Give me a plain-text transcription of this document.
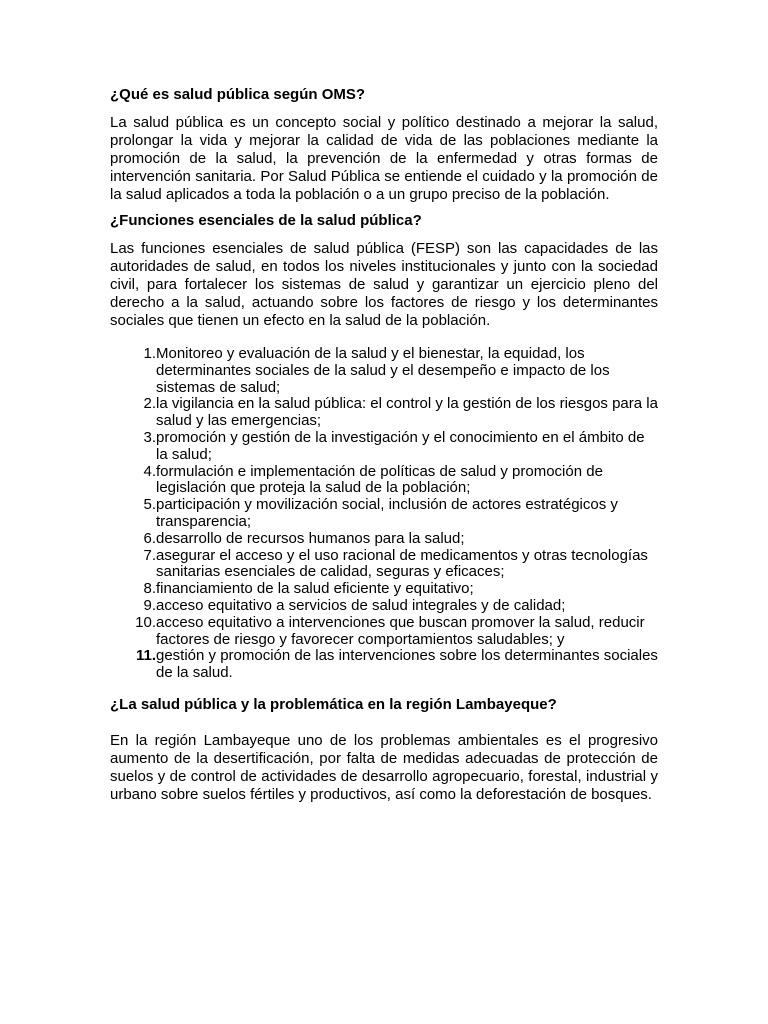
¿Qué es salud pública según OMS?

La salud pública es un concepto social y político destinado a mejorar la salud, prolongar la vida y mejorar la calidad de vida de las poblaciones mediante la promoción de la salud, la prevención de la enfermedad y otras formas de intervención sanitaria. Por Salud Pública se entiende el cuidado y la promoción de la salud aplicados a toda la población o a un grupo preciso de la población.

¿Funciones esenciales de la salud pública?

Las funciones esenciales de salud pública (FESP) son las capacidades de las autoridades de salud, en todos los niveles institucionales y junto con la sociedad civil, para fortalecer los sistemas de salud y garantizar un ejercicio pleno del derecho a la salud, actuando sobre los factores de riesgo y los determinantes sociales que tienen un efecto en la salud de la población.

1. Monitoreo y evaluación de la salud y el bienestar, la equidad, los determinantes sociales de la salud y el desempeño e impacto de los sistemas de salud;
2. la vigilancia en la salud pública: el control y la gestión de los riesgos para la salud y las emergencias;
3. promoción y gestión de la investigación y el conocimiento en el ámbito de la salud;
4. formulación e implementación de políticas de salud y promoción de legislación que proteja la salud de la población;
5. participación y movilización social, inclusión de actores estratégicos y transparencia;
6. desarrollo de recursos humanos para la salud;
7. asegurar el acceso y el uso racional de medicamentos y otras tecnologías sanitarias esenciales de calidad, seguras y eficaces;
8. financiamiento de la salud eficiente y equitativo;
9. acceso equitativo a servicios de salud integrales y de calidad;
10. acceso equitativo a intervenciones que buscan promover la salud, reducir factores de riesgo y favorecer comportamientos saludables; y
11. gestión y promoción de las intervenciones sobre los determinantes sociales de la salud.

¿La salud pública y la problemática en la región Lambayeque?

En la región Lambayeque uno de los problemas ambientales es el progresivo aumento de la desertificación, por falta de medidas adecuadas de protección de suelos y de control de actividades de desarrollo agropecuario, forestal, industrial y urbano sobre suelos fértiles y productivos, así como la deforestación de bosques.
